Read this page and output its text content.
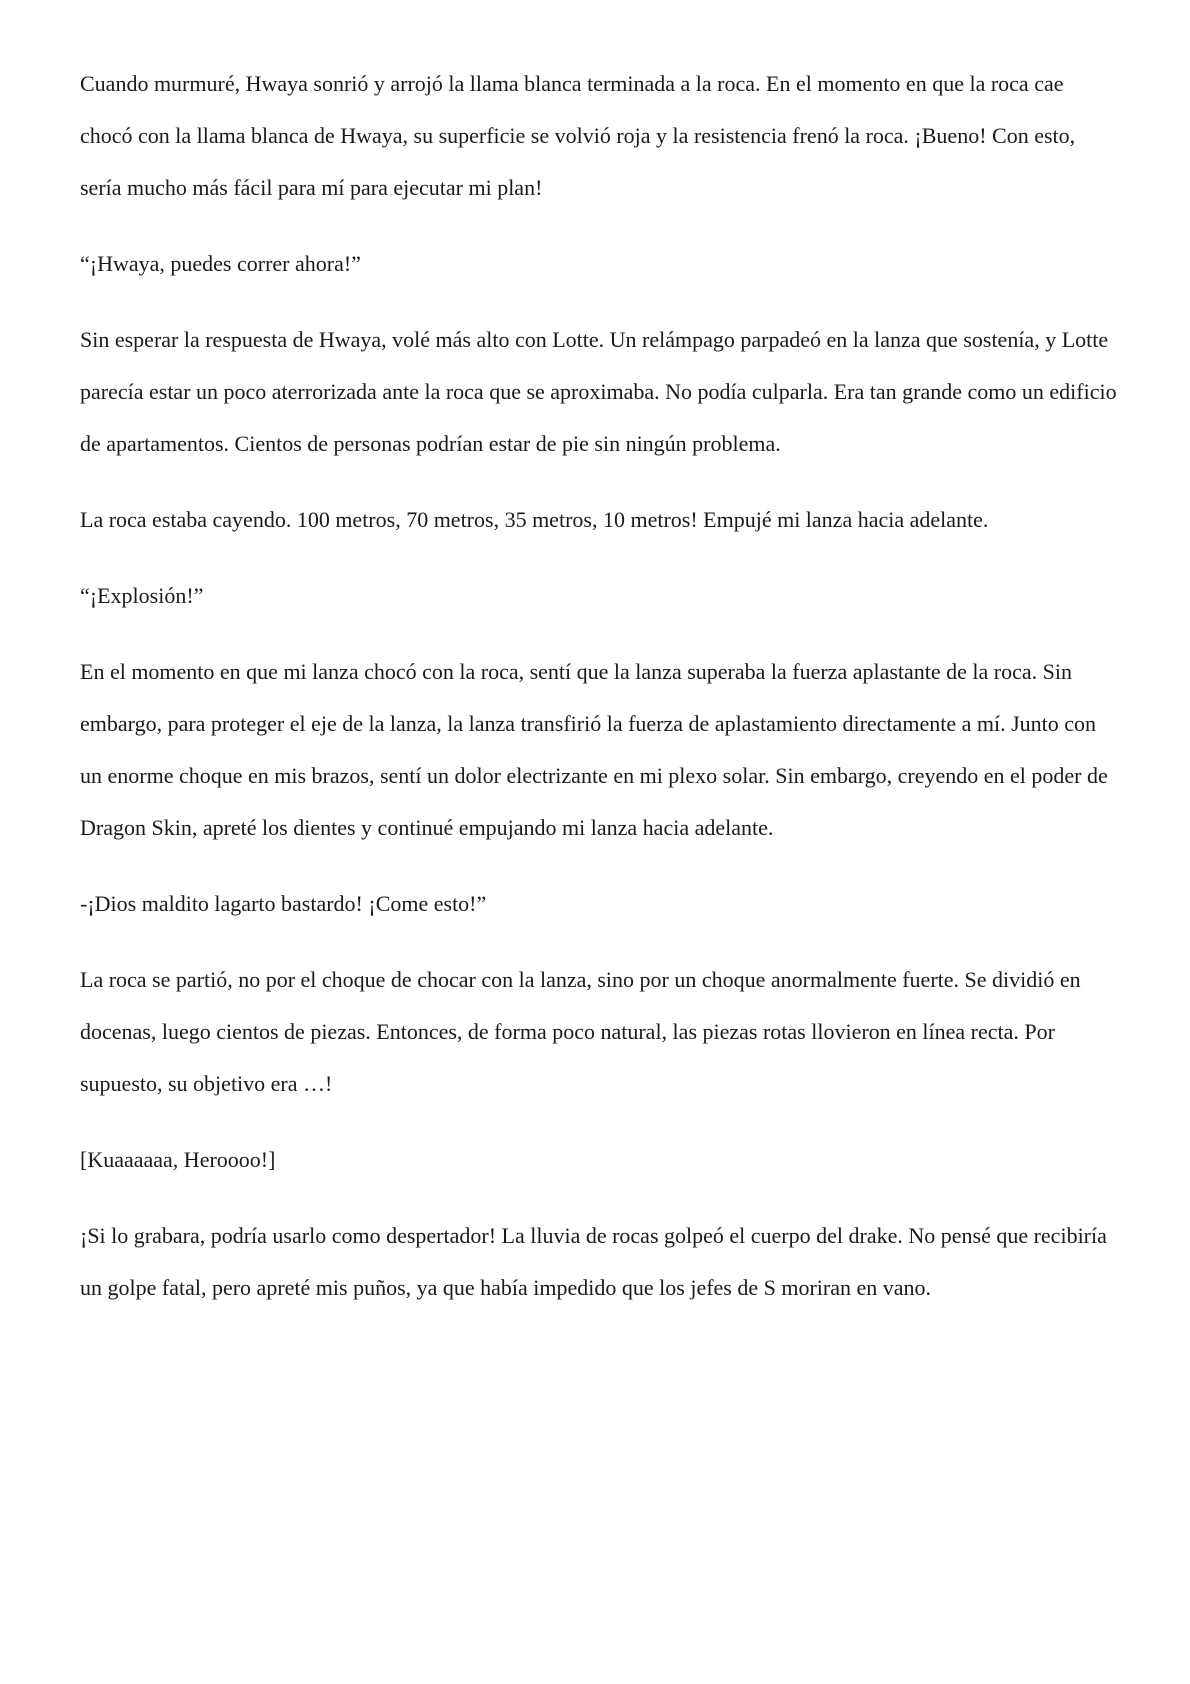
Cuando murmuré, Hwaya sonrió y arrojó la llama blanca terminada a la roca. En el momento en que la roca cae chocó con la llama blanca de Hwaya, su superficie se volvió roja y la resistencia frenó la roca. ¡Bueno! Con esto, sería mucho más fácil para mí para ejecutar mi plan!

“¡Hwaya, puedes correr ahora!”

Sin esperar la respuesta de Hwaya, volé más alto con Lotte. Un relámpago parpadeó en la lanza que sostenía, y Lotte parecía estar un poco aterrorizada ante la roca que se aproximaba. No podía culparla. Era tan grande como un edificio de apartamentos. Cientos de personas podrían estar de pie sin ningún problema.

La roca estaba cayendo. 100 metros, 70 metros, 35 metros, 10 metros! Empujé mi lanza hacia adelante.

“¡Explosión!”

En el momento en que mi lanza chocó con la roca, sentí que la lanza superaba la fuerza aplastante de la roca. Sin embargo, para proteger el eje de la lanza, la lanza transfirió la fuerza de aplastamiento directamente a mí. Junto con un enorme choque en mis brazos, sentí un dolor electrizante en mi plexo solar. Sin embargo, creyendo en el poder de Dragon Skin, apreté los dientes y continué empujando mi lanza hacia adelante.

-¡Dios maldito lagarto bastardo! ¡Come esto!”

La roca se partió, no por el choque de chocar con la lanza, sino por un choque anormalmente fuerte. Se dividió en docenas, luego cientos de piezas. Entonces, de forma poco natural, las piezas rotas llovieron en línea recta. Por supuesto, su objetivo era …!

[Kuaaaaaa, Heroooo!]

¡Si lo grabara, podría usarlo como despertador! La lluvia de rocas golpeó el cuerpo del drake. No pensé que recibiría un golpe fatal, pero apreté mis puños, ya que había impedido que los jefes de S moriran en vano.
